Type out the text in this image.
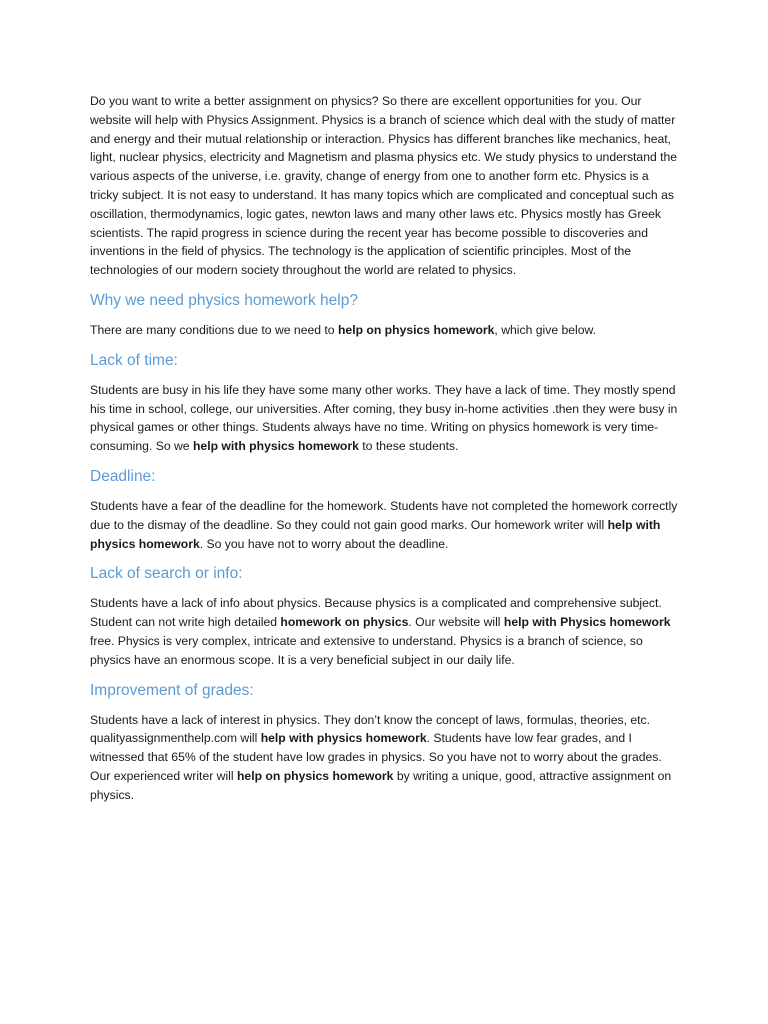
Do you want to write a better assignment on physics? So there are excellent opportunities for you. Our website will help with Physics Assignment. Physics is a branch of science which deal with the study of matter and energy and their mutual relationship or interaction. Physics has different branches like mechanics, heat, light, nuclear physics, electricity and Magnetism and plasma physics etc. We study physics to understand the various aspects of the universe, i.e. gravity, change of energy from one to another form etc. Physics is a tricky subject. It is not easy to understand. It has many topics which are complicated and conceptual such as oscillation, thermodynamics, logic gates, newton laws and many other laws etc. Physics mostly has Greek scientists. The rapid progress in science during the recent year has become possible to discoveries and inventions in the field of physics. The technology is the application of scientific principles. Most of the technologies of our modern society throughout the world are related to physics.

Why we need physics homework help?

There are many conditions due to we need to help on physics homework, which give below.

Lack of time:

Students are busy in his life they have some many other works. They have a lack of time. They mostly spend his time in school, college, our universities. After coming, they busy in-home activities .then they were busy in physical games or other things. Students always have no time. Writing on physics homework is very time-consuming. So we help with physics homework to these students.

Deadline:

Students have a fear of the deadline for the homework. Students have not completed the homework correctly due to the dismay of the deadline. So they could not gain good marks. Our homework writer will help with physics homework. So you have not to worry about the deadline.

Lack of search or info:

Students have a lack of info about physics. Because physics is a complicated and comprehensive subject. Student can not write high detailed homework on physics. Our website will help with Physics homework free. Physics is very complex, intricate and extensive to understand. Physics is a branch of science, so physics have an enormous scope. It is a very beneficial subject in our daily life.

Improvement of grades:

Students have a lack of interest in physics. They don’t know the concept of laws, formulas, theories, etc. qualityassignmenthelp.com will help with physics homework. Students have low fear grades, and I witnessed that 65% of the student have low grades in physics. So you have not to worry about the grades. Our experienced writer will help on physics homework by writing a unique, good, attractive assignment on physics.
